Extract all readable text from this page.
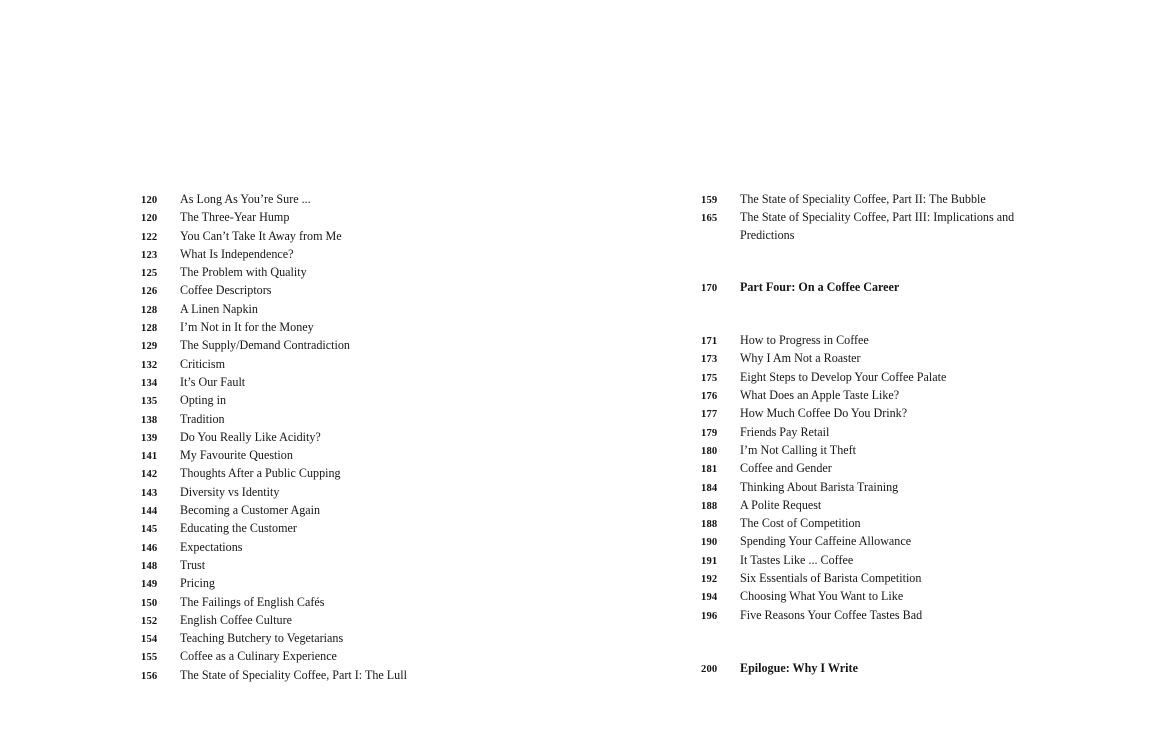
120	As Long As You’re Sure ...
120	The Three-Year Hump
122	You Can’t Take It Away from Me
123	What Is Independence?
125	The Problem with Quality
126	Coffee Descriptors
128	A Linen Napkin
128	I’m Not in It for the Money
129	The Supply/Demand Contradiction
132	Criticism
134	It’s Our Fault
135	Opting in
138	Tradition
139	Do You Really Like Acidity?
141	My Favourite Question
142	Thoughts After a Public Cupping
143	Diversity vs Identity
144	Becoming a Customer Again
145	Educating the Customer
146	Expectations
148	Trust
149	Pricing
150	The Failings of English Cafés
152	English Coffee Culture
154	Teaching Butchery to Vegetarians
155	Coffee as a Culinary Experience
156	The State of Speciality Coffee, Part I: The Lull
159	The State of Speciality Coffee, Part II: The Bubble
165	The State of Speciality Coffee, Part III: Implications and Predictions
170	Part Four: On a Coffee Career
171	How to Progress in Coffee
173	Why I Am Not a Roaster
175	Eight Steps to Develop Your Coffee Palate
176	What Does an Apple Taste Like?
177	How Much Coffee Do You Drink?
179	Friends Pay Retail
180	I’m Not Calling it Theft
181	Coffee and Gender
184	Thinking About Barista Training
188	A Polite Request
188	The Cost of Competition
190	Spending Your Caffeine Allowance
191	It Tastes Like ... Coffee
192	Six Essentials of Barista Competition
194	Choosing What You Want to Like
196	Five Reasons Your Coffee Tastes Bad
200	Epilogue: Why I Write
